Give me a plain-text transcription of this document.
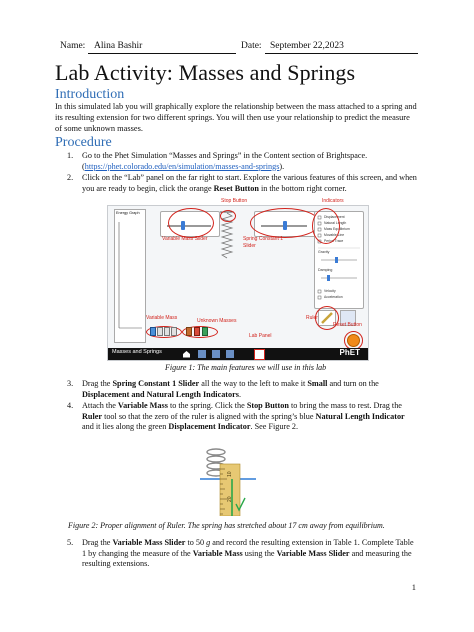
Name: Alina Bashir	Date: September 22,2023
Lab Activity: Masses and Springs
Introduction
In this simulated lab you will graphically explore the relationship between the mass attached to a spring and its resulting extension for two different springs. You will then use your relationship to predict the measure of some unknown masses.
Procedure
1. Go to the Phet Simulation “Masses and Springs” in the Content section of Brightspace. (https://phet.colorado.edu/en/simulation/masses-and-springs).
2. Click on the “Lab” panel on the far right to start. Explore the various features of this screen, and when you are ready to begin, click the orange Reset Button in the bottom right corner.
Stop Button	Indicators
Energy Graph
Displacement
Natural Length
Mass Equilibrium
Movable Line
Period Trace
Gravity
Damping
Velocity
Acceleration
Masses and Springs	PhET
Variable Mass Slider	Spring Constant 1
Slider
Variable Mass	Unknown Masses
Lab Panel
Ruler
Reset Button
Figure 1: The main features we will use in this lab
3. Drag the Spring Constant 1 Slider all the way to the left to make it Small and turn on the Displacement and Natural Length Indicators.
4. Attach the Variable Mass to the spring. Click the Stop Button to bring the mass to rest. Drag the Ruler tool so that the zero of the ruler is aligned with the spring’s blue Natural Length Indicator and it lies along the green Displacement Indicator. See Figure 2.
10
20
Figure 2: Proper alignment of Ruler. The spring has stretched about 17 cm away from equilibrium.
5. Drag the Variable Mass Slider to 50 g and record the resulting extension in Table 1. Complete Table 1 by changing the measure of the Variable Mass using the Variable Mass Slider and measuring the resulting extensions.
1
